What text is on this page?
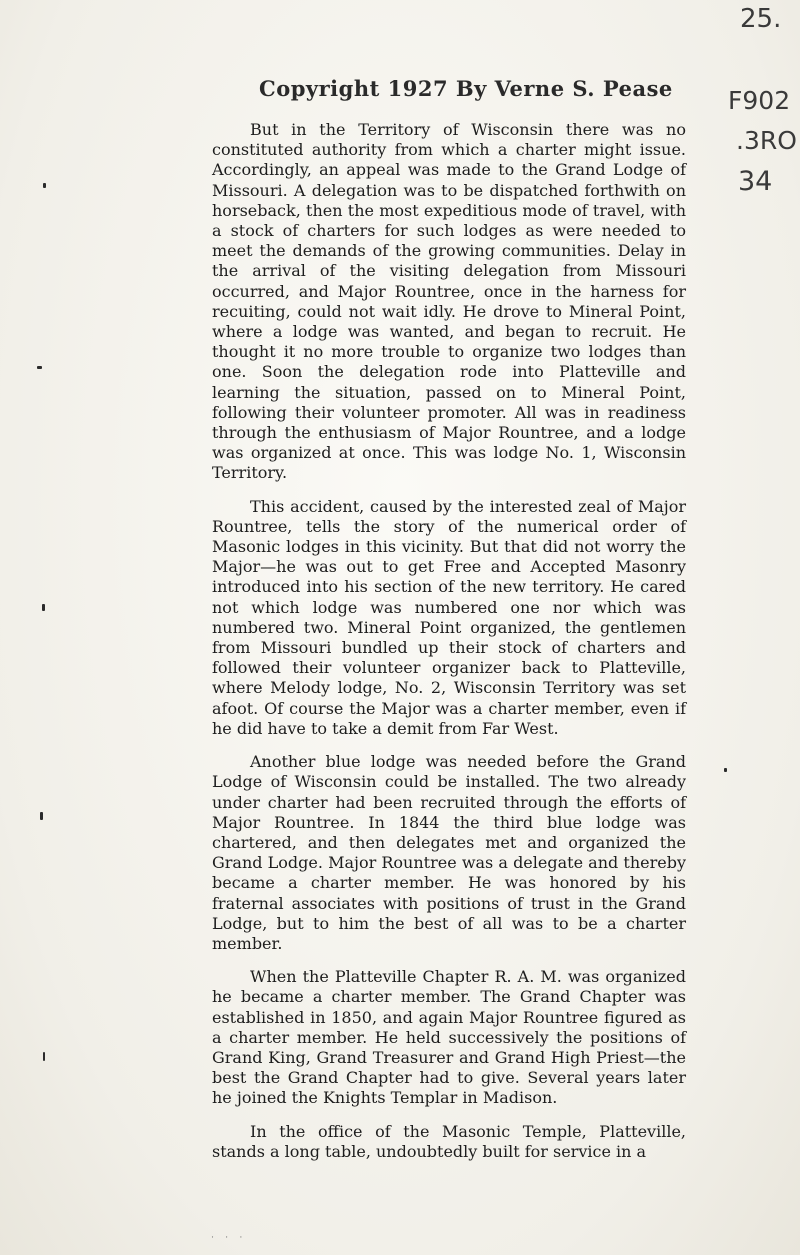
25.
F902
.3RO
34
Copyright 1927 By Verne S. Pease

But in the Territory of Wisconsin there was no constituted authority from which a charter might issue. Accordingly, an appeal was made to the Grand Lodge of Missouri. A delegation was to be dispatched forthwith on horseback, then the most expeditious mode of travel, with a stock of charters for such lodges as were needed to meet the demands of the growing communities. Delay in the arrival of the visiting delegation from Missouri occurred, and Major Rountree, once in the harness for recuiting, could not wait idly. He drove to Mineral Point, where a lodge was wanted, and began to recruit. He thought it no more trouble to organize two lodges than one. Soon the delegation rode into Platteville and learning the situation, passed on to Mineral Point, following their volunteer promoter. All was in readiness through the enthusiasm of Major Rountree, and a lodge was organized at once. This was lodge No. 1, Wisconsin Territory.

This accident, caused by the interested zeal of Major Rountree, tells the story of the numerical order of Masonic lodges in this vicinity. But that did not worry the Major—he was out to get Free and Accepted Masonry introduced into his section of the new territory. He cared not which lodge was numbered one nor which was numbered two. Mineral Point organized, the gentlemen from Missouri bundled up their stock of charters and followed their volunteer organizer back to Platteville, where Melody lodge, No. 2, Wisconsin Territory was set afoot. Of course the Major was a charter member, even if he did have to take a demit from Far West.

Another blue lodge was needed before the Grand Lodge of Wisconsin could be installed. The two already under charter had been recruited through the efforts of Major Rountree. In 1844 the third blue lodge was chartered, and then delegates met and organized the Grand Lodge. Major Rountree was a delegate and thereby became a charter member. He was honored by his fraternal associates with positions of trust in the Grand Lodge, but to him the best of all was to be a charter member.

When the Platteville Chapter R. A. M. was organized he became a charter member. The Grand Chapter was established in 1850, and again Major Rountree figured as a charter member. He held successively the positions of Grand King, Grand Treasurer and Grand High Priest—the best the Grand Chapter had to give. Several years later he joined the Knights Templar in Madison.

In the office of the Masonic Temple, Platteville, stands a long table, undoubtedly built for service in a

˙ ˙ ˙
